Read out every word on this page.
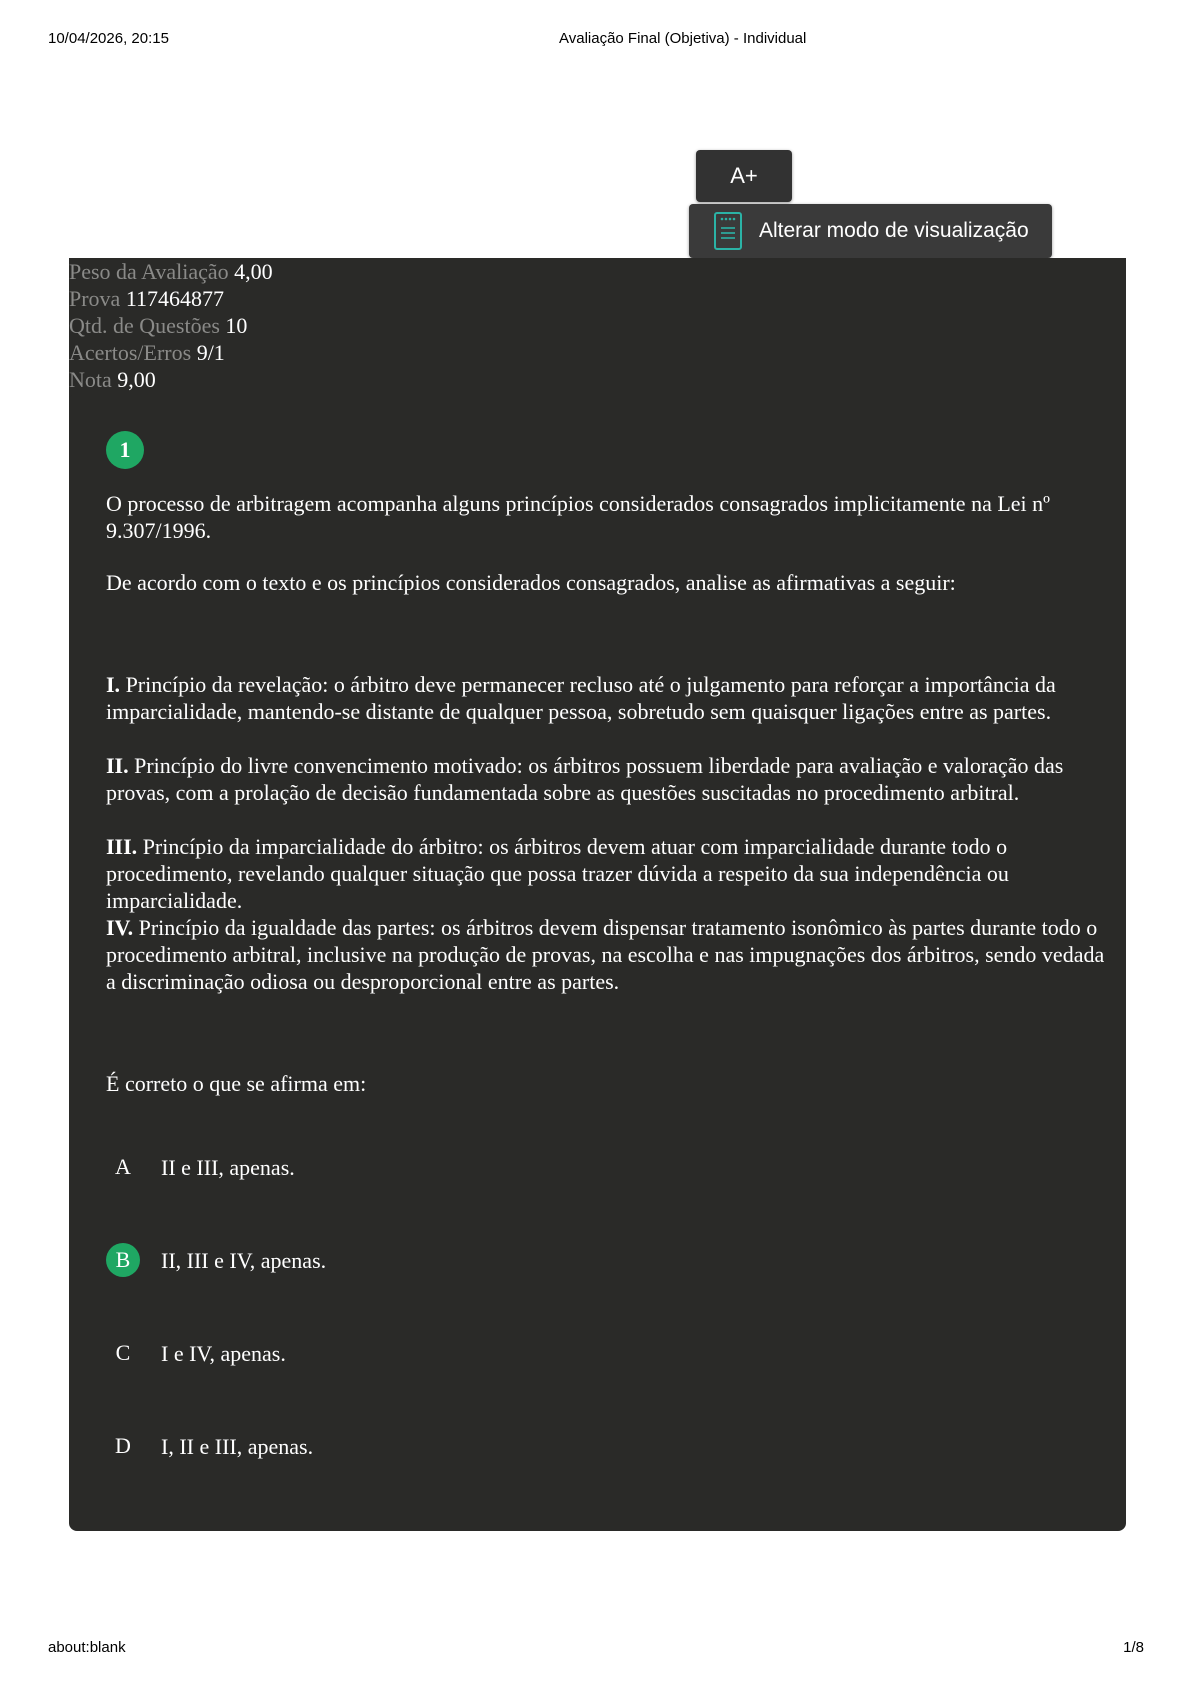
10/04/2026, 20:15	Avaliação Final (Objetiva) - Individual
A+
Alterar modo de visualização
Peso da Avaliação 4,00
Prova 117464877
Qtd. de Questões 10
Acertos/Erros 9/1
Nota 9,00
1

O processo de arbitragem acompanha alguns princípios considerados consagrados implicitamente na Lei nº 9.307/1996.

De acordo com o texto e os princípios considerados consagrados, analise as afirmativas a seguir:

I. Princípio da revelação: o árbitro deve permanecer recluso até o julgamento para reforçar a importância da imparcialidade, mantendo-se distante de qualquer pessoa, sobretudo sem quaisquer ligações entre as partes.

II. Princípio do livre convencimento motivado: os árbitros possuem liberdade para avaliação e valoração das provas, com a prolação de decisão fundamentada sobre as questões suscitadas no procedimento arbitral.

III. Princípio da imparcialidade do árbitro: os árbitros devem atuar com imparcialidade durante todo o procedimento, revelando qualquer situação que possa trazer dúvida a respeito da sua independência ou imparcialidade.

IV. Princípio da igualdade das partes: os árbitros devem dispensar tratamento isonômico às partes durante todo o procedimento arbitral, inclusive na produção de provas, na escolha e nas impugnações dos árbitros, sendo vedada a discriminação odiosa ou desproporcional entre as partes.

É correto o que se afirma em:

A	II e III, apenas.
B	II, III e IV, apenas.
C	I e IV, apenas.
D	I, II e III, apenas.
about:blank	1/8
